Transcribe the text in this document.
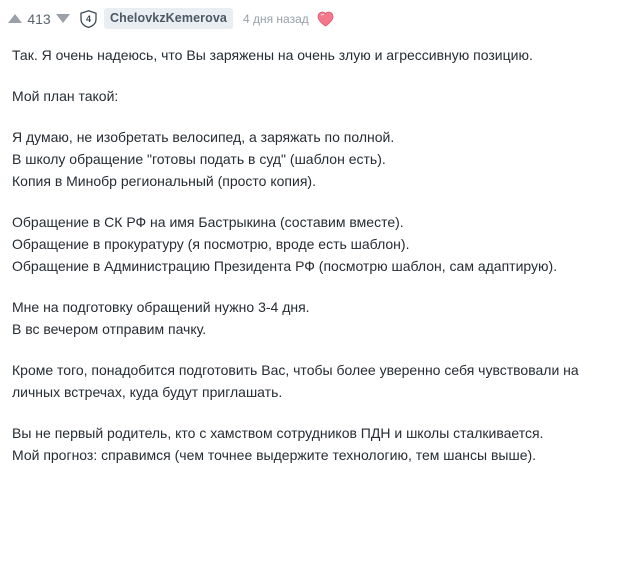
413	4	ChelovkzKemerova	4 дня назад
Так. Я очень надеюсь, что Вы заряжены на очень злую и агрессивную позицию.
Мой план такой:
Я думаю, не изобретать велосипед, а заряжать по полной.
В школу обращение "готовы подать в суд" (шаблон есть).
Копия в Минобр региональный (просто копия).
Обращение в СК РФ на имя Бастрыкина (составим вместе).
Обращение в прокуратуру (я посмотрю, вроде есть шаблон).
Обращение в Администрацию Президента РФ (посмотрю шаблон, сам адаптирую).
Мне на подготовку обращений нужно 3-4 дня.
В вс вечером отправим пачку.
Кроме того, понадобится подготовить Вас, чтобы более уверенно себя чувствовали на
личных встречах, куда будут приглашать.
Вы не первый родитель, кто с хамством сотрудников ПДН и школы сталкивается.
Мой прогноз: справимся (чем точнее выдержите технологию, тем шансы выше).
